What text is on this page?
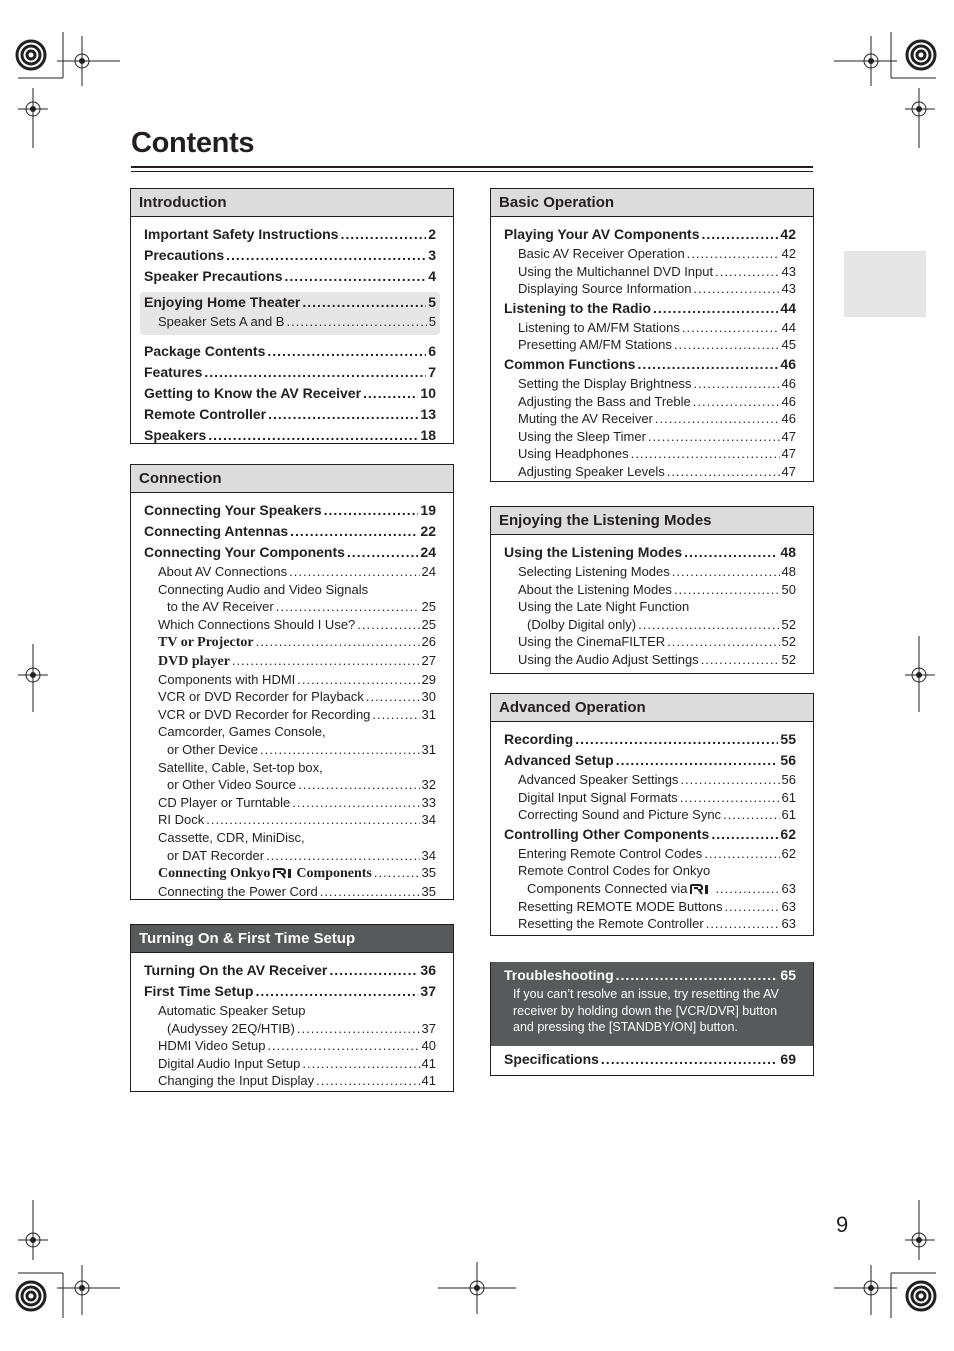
Contents
Introduction
Important Safety Instructions .....	2
Precautions .....	3
Speaker Precautions .....	4
Enjoying Home Theater .....	5
Speaker Sets A and B .....	5
Package Contents .....	6
Features .....	7
Getting to Know the AV Receiver .....	10
Remote Controller .....	13
Speakers .....	18
Connection
Connecting Your Speakers .....	19
Connecting Antennas .....	22
Connecting Your Components .....	24
About AV Connections .....	24
Connecting Audio and Video Signals
to the AV Receiver .....	25
Which Connections Should I Use? .....	25
TV or Projector .....	26
DVD player .....	27
Components with HDMI .....	29
VCR or DVD Recorder for Playback .....	30
VCR or DVD Recorder for Recording .....	31
Camcorder, Games Console,
or Other Device .....	31
Satellite, Cable, Set-top box,
or Other Video Source .....	32
CD Player or Turntable .....	33
RI Dock .....	34
Cassette, CDR, MiniDisc,
or DAT Recorder .....	34
Connecting Onkyo Components .....	35
Connecting the Power Cord .....	35
Turning On & First Time Setup
Turning On the AV Receiver .....	36
First Time Setup .....	37
Automatic Speaker Setup
(Audyssey 2EQ/HTIB) .....	37
HDMI Video Setup .....	40
Digital Audio Input Setup .....	41
Changing the Input Display .....	41
Basic Operation
Playing Your AV Components .....	42
Basic AV Receiver Operation .....	42
Using the Multichannel DVD Input .....	43
Displaying Source Information .....	43
Listening to the Radio .....	44
Listening to AM/FM Stations .....	44
Presetting AM/FM Stations .....	45
Common Functions .....	46
Setting the Display Brightness .....	46
Adjusting the Bass and Treble .....	46
Muting the AV Receiver .....	46
Using the Sleep Timer .....	47
Using Headphones .....	47
Adjusting Speaker Levels .....	47
Enjoying the Listening Modes
Using the Listening Modes .....	48
Selecting Listening Modes .....	48
About the Listening Modes .....	50
Using the Late Night Function
(Dolby Digital only) .....	52
Using the CinemaFILTER .....	52
Using the Audio Adjust Settings .....	52
Advanced Operation
Recording .....	55
Advanced Setup .....	56
Advanced Speaker Settings .....	56
Digital Input Signal Formats .....	61
Correcting Sound and Picture Sync .....	61
Controlling Other Components .....	62
Entering Remote Control Codes .....	62
Remote Control Codes for Onkyo
Components Connected via .....	63
Resetting REMOTE MODE Buttons .....	63
Resetting the Remote Controller .....	63
Troubleshooting .....	65
If you can’t resolve an issue, try resetting the AV
receiver by holding down the [VCR/DVR] button
and pressing the [STANDBY/ON] button.
Specifications .....	69
9
